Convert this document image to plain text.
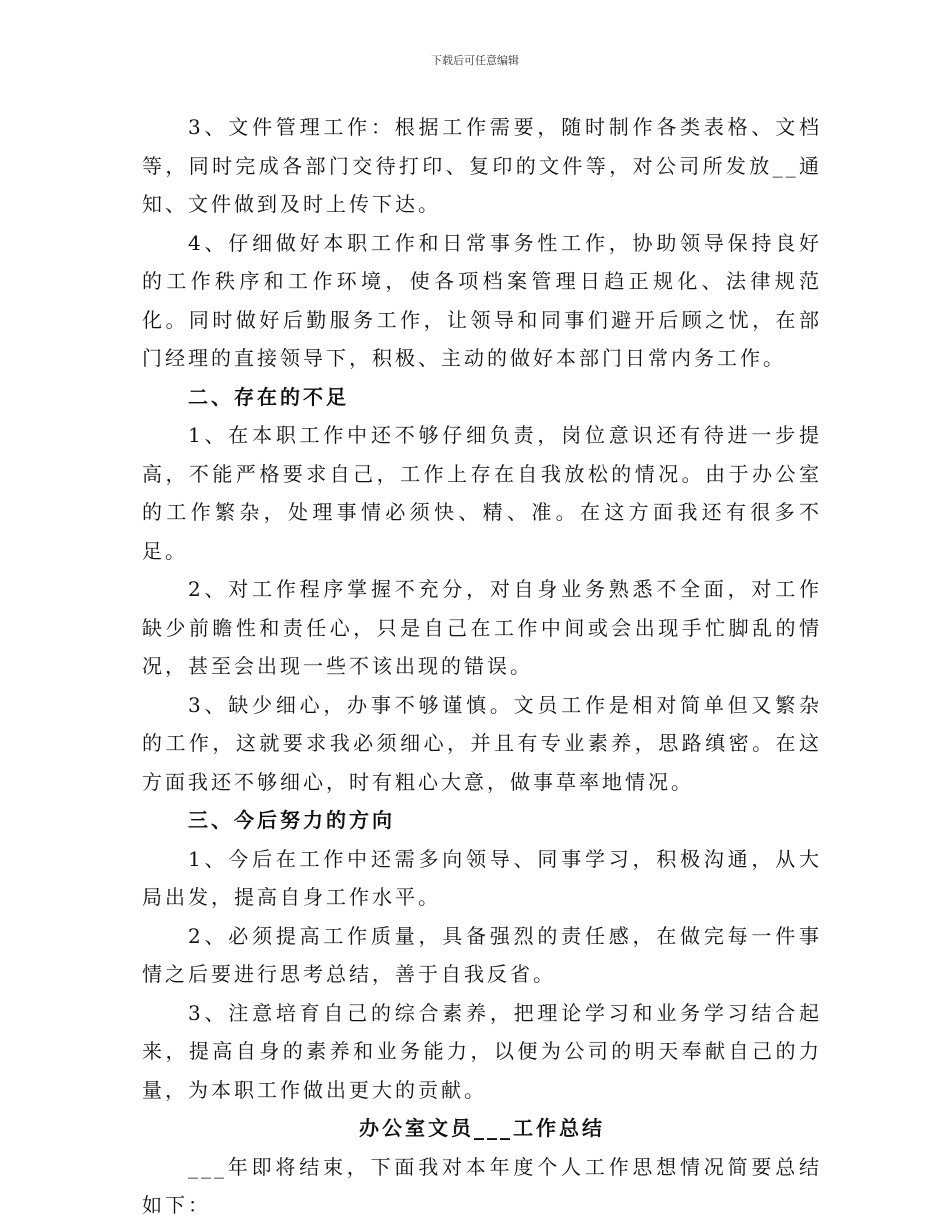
下载后可任意编辑

3、文件管理工作：根据工作需要，随时制作各类表格、文档等，同时完成各部门交待打印、复印的文件等，对公司所发放__通知、文件做到及时上传下达。

4、仔细做好本职工作和日常事务性工作，协助领导保持良好的工作秩序和工作环境，使各项档案管理日趋正规化、法律规范化。同时做好后勤服务工作，让领导和同事们避开后顾之忧，在部门经理的直接领导下，积极、主动的做好本部门日常内务工作。

二、存在的不足

1、在本职工作中还不够仔细负责，岗位意识还有待进一步提高，不能严格要求自己，工作上存在自我放松的情况。由于办公室的工作繁杂，处理事情必须快、精、准。在这方面我还有很多不足。

2、对工作程序掌握不充分，对自身业务熟悉不全面，对工作缺少前瞻性和责任心，只是自己在工作中间或会出现手忙脚乱的情况，甚至会出现一些不该出现的错误。

3、缺少细心，办事不够谨慎。文员工作是相对简单但又繁杂的工作，这就要求我必须细心，并且有专业素养，思路缜密。在这方面我还不够细心，时有粗心大意，做事草率地情况。

三、今后努力的方向

1、今后在工作中还需多向领导、同事学习，积极沟通，从大局出发，提高自身工作水平。

2、必须提高工作质量，具备强烈的责任感，在做完每一件事情之后要进行思考总结，善于自我反省。

3、注意培育自己的综合素养，把理论学习和业务学习结合起来，提高自身的素养和业务能力，以便为公司的明天奉献自己的力量，为本职工作做出更大的贡献。

办公室文员___工作总结

___年即将结束，下面我对本年度个人工作思想情况简要总结如下：
